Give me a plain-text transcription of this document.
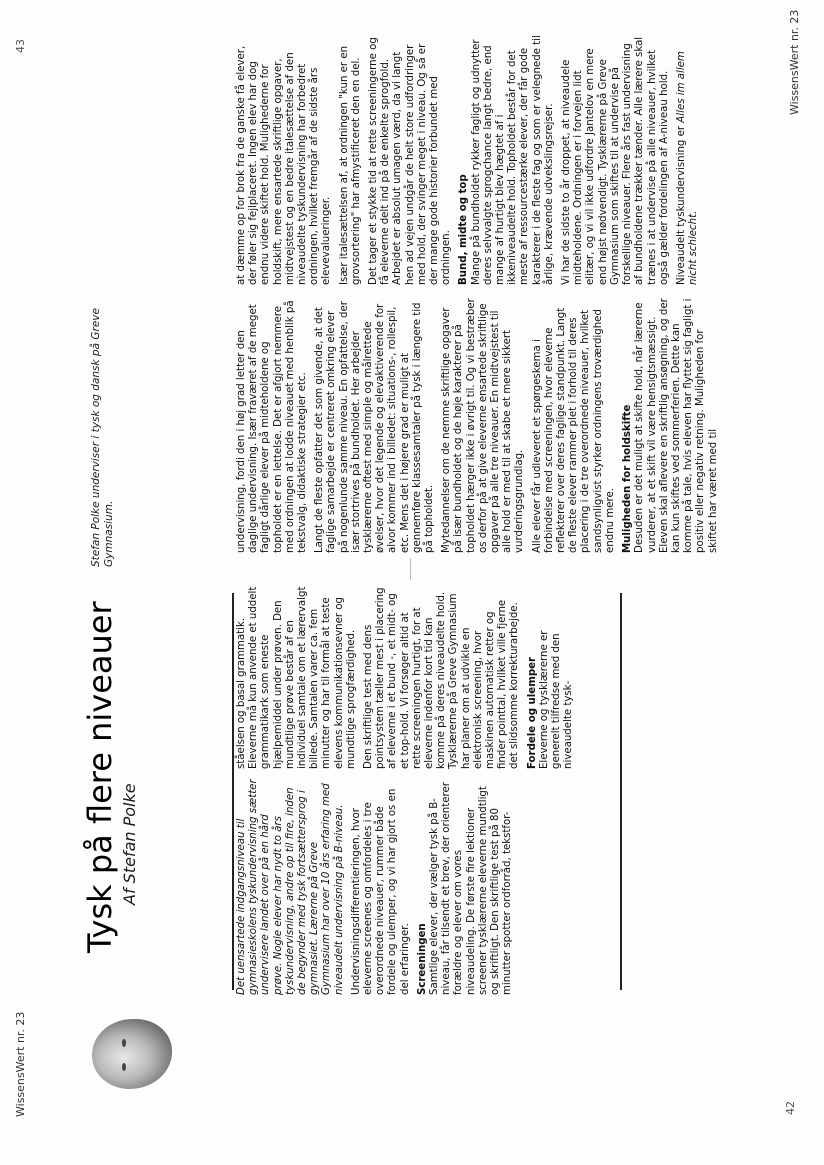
WissensWert nr. 23	42
Tysk på flere niveauer Af Stefan Polke	Det uensartede indgangsniveau til gymnasieskolens tyskundervisning sætter undervisere landet over på en hård prøve. Nogle elever har nydt to års tyskundervisning, andre op til fire, inden de begynder med tysk fortsættersprog i gymnasiet. Lærerne på Greve Gymnasium har over 10 års erfaring med niveaudelt undervisning på B-niveau. Undervisningsdifferentieringen, hvor eleverne screenes og omfordeles i tre overordnede niveauer, rummer både fordele og ulemper, og vi har gjort os en del erfaringer. Screeningen Samtlige elever, der vælger tysk på B-niveau, får tilsendt et brev, der orienterer forældre og elever om vores niveaudeling. De første fire lektioner screener tysklærerne eleverne mundtligt og skriftligt. Den skriftlige test på 80 minutter spotter ordforråd, tekstfor-

ståelsen og basal grammatik. Eleverne må kun anvende et uddelt grammatikark som eneste hjælpemiddel under prøven. Den mundtlige prøve består af en individuel samtale om et lærervalgt billede. Samtalen varer ca. fem minutter og har til formål at teste elevens kommunikationsevner og mundtlige sprogfærdighed. Den skriftlige test med dens pointsystem tæller mest i placering af eleverne i et bund -, et midt- og et top-hold. Vi forsøger altid at rette screeningen hurtigt, for at eleverne indenfor kort tid kan komme på deres niveaudelte hold. Tysklærerne på Greve Gymnasium har planer om at udvikle en elektronisk screening, hvor maskinen automatisk retter og finder pointtal, hvilket ville fjerne det slidsomme korrekturarbejde. Fordele og ulemper Eleverne og tysklærerne er generelt tilfredse med den niveaudelte tysk-

Stefan Polke underviser i tysk og dansk på Greve Gymnasium.	undervisning, fordi den i høj grad letter den daglige undervisning. Især fraværet af de meget fagligt dårlige elever på midteholdene og topholdet er en lettelse. Det er afgjort nemmere med ordningen at lodde niveauet med henblik på tekstvalg, didaktiske strategier etc. Langt de fleste opfatter det som givende, at det faglige samarbejde er centreret omkring elever på nogenlunde samme niveau. En opfattelse, der især stortrives på bundholdet. Her arbejder tysklærerne oftest med simple og målrettede øvelser, hvor det legende og elevaktiverende for alvor kommer ind i billedet: situations-, rollespil, etc. Mens det i højere grad er muligt at gennemføre klassesamtaler på tysk i længere tid på topholdet. Mytedannelser om de nemme skriftlige opgaver på især bundholdet og de høje karakterer på topholdet hærger ikke i øvrigt til. Og vi bestræber os derfor på at give eleverne ensartede skriftlige opgaver på alle tre niveauer. En midtvejstest til alle hold er med til at skabe et mere sikkert vurderingsgrundlag. Alle elever får udleveret et spørgeskema i forbindelse med screeningen, hvor eleverne reflekterer over deres faglige standpunkt. Langt de fleste elever rammer plet i forhold til deres placering i de tre overordnede niveauer, hvilket sandsynligvist styrker ordningens troværdighed endnu mere. Muligheden for holdskifte Desuden er det muligt at skifte hold, når lærerne vurderer, at et skift vil være hensigtsmæssigt. Eleven skal aflevere en skriftlig ansøgning, og der kan kun skiftes ved sommerferien. Dette kan komme på tale, hvis eleven har flyttet sig fagligt i positiv eller negativ retning. Muligheden for skiftet har været med til

at dæmme op for brok fra de ganske få elever, der føler sig fejlplaceret. Ingen elev har dog endnu videre skiftet hold. Mulighederne for holdskift, mere ensartede skriftlige opgaver, midtvejstest og en bedre italesættelse af den niveaudelte tyskundervisning har forbedret ordningen, hvilket fremgår af de sidste års elevevalueringer. Især italesættelsen af, at ordningen "kun er en grovsortering" har afmystificeret den en del. Det tager et stykke tid at rette screeningerne og få eleverne delt ind på de enkelte sprogfold. Arbejdet er absolut umagen værd, da vi langt hen ad vejen undgår de helt store udfordringer med hold, der svinger meget i niveau. Og så er der mange gode historier forbundet med ordningen. Bund, midte og top Mange på bundholdet rykker fagligt og udnytter deres selvvalgte sprogchance langt bedre, end mange af hurtigt blev hægtet af i ikkeniveaudelte hold. Topholdet består for det meste af ressourcestærke elever, der får gode karakterer i de fleste fag og som er velegnede til årlige, krævende udvekslingsrejser. Vi har de sidste to år droppet, at niveaudele midteholdene. Ordningen er i forvejen lidt elitær, og vi vil ikke udfordre Jantelov en mere end højst nødvendigt. Tysklærerne på Greve Gymnasium som skiftes til at undervise på forskellige niveauer. Flere års fast undervisning af bundholdene trækker tænder. Alle lærere skal trænes i at undervise på alle niveauer, hvilket også gælder fordelingen af A-niveau hold. Niveaudelt tyskundervisning er Alles im allem nicht schlecht.

WissensWert nr. 23
43
